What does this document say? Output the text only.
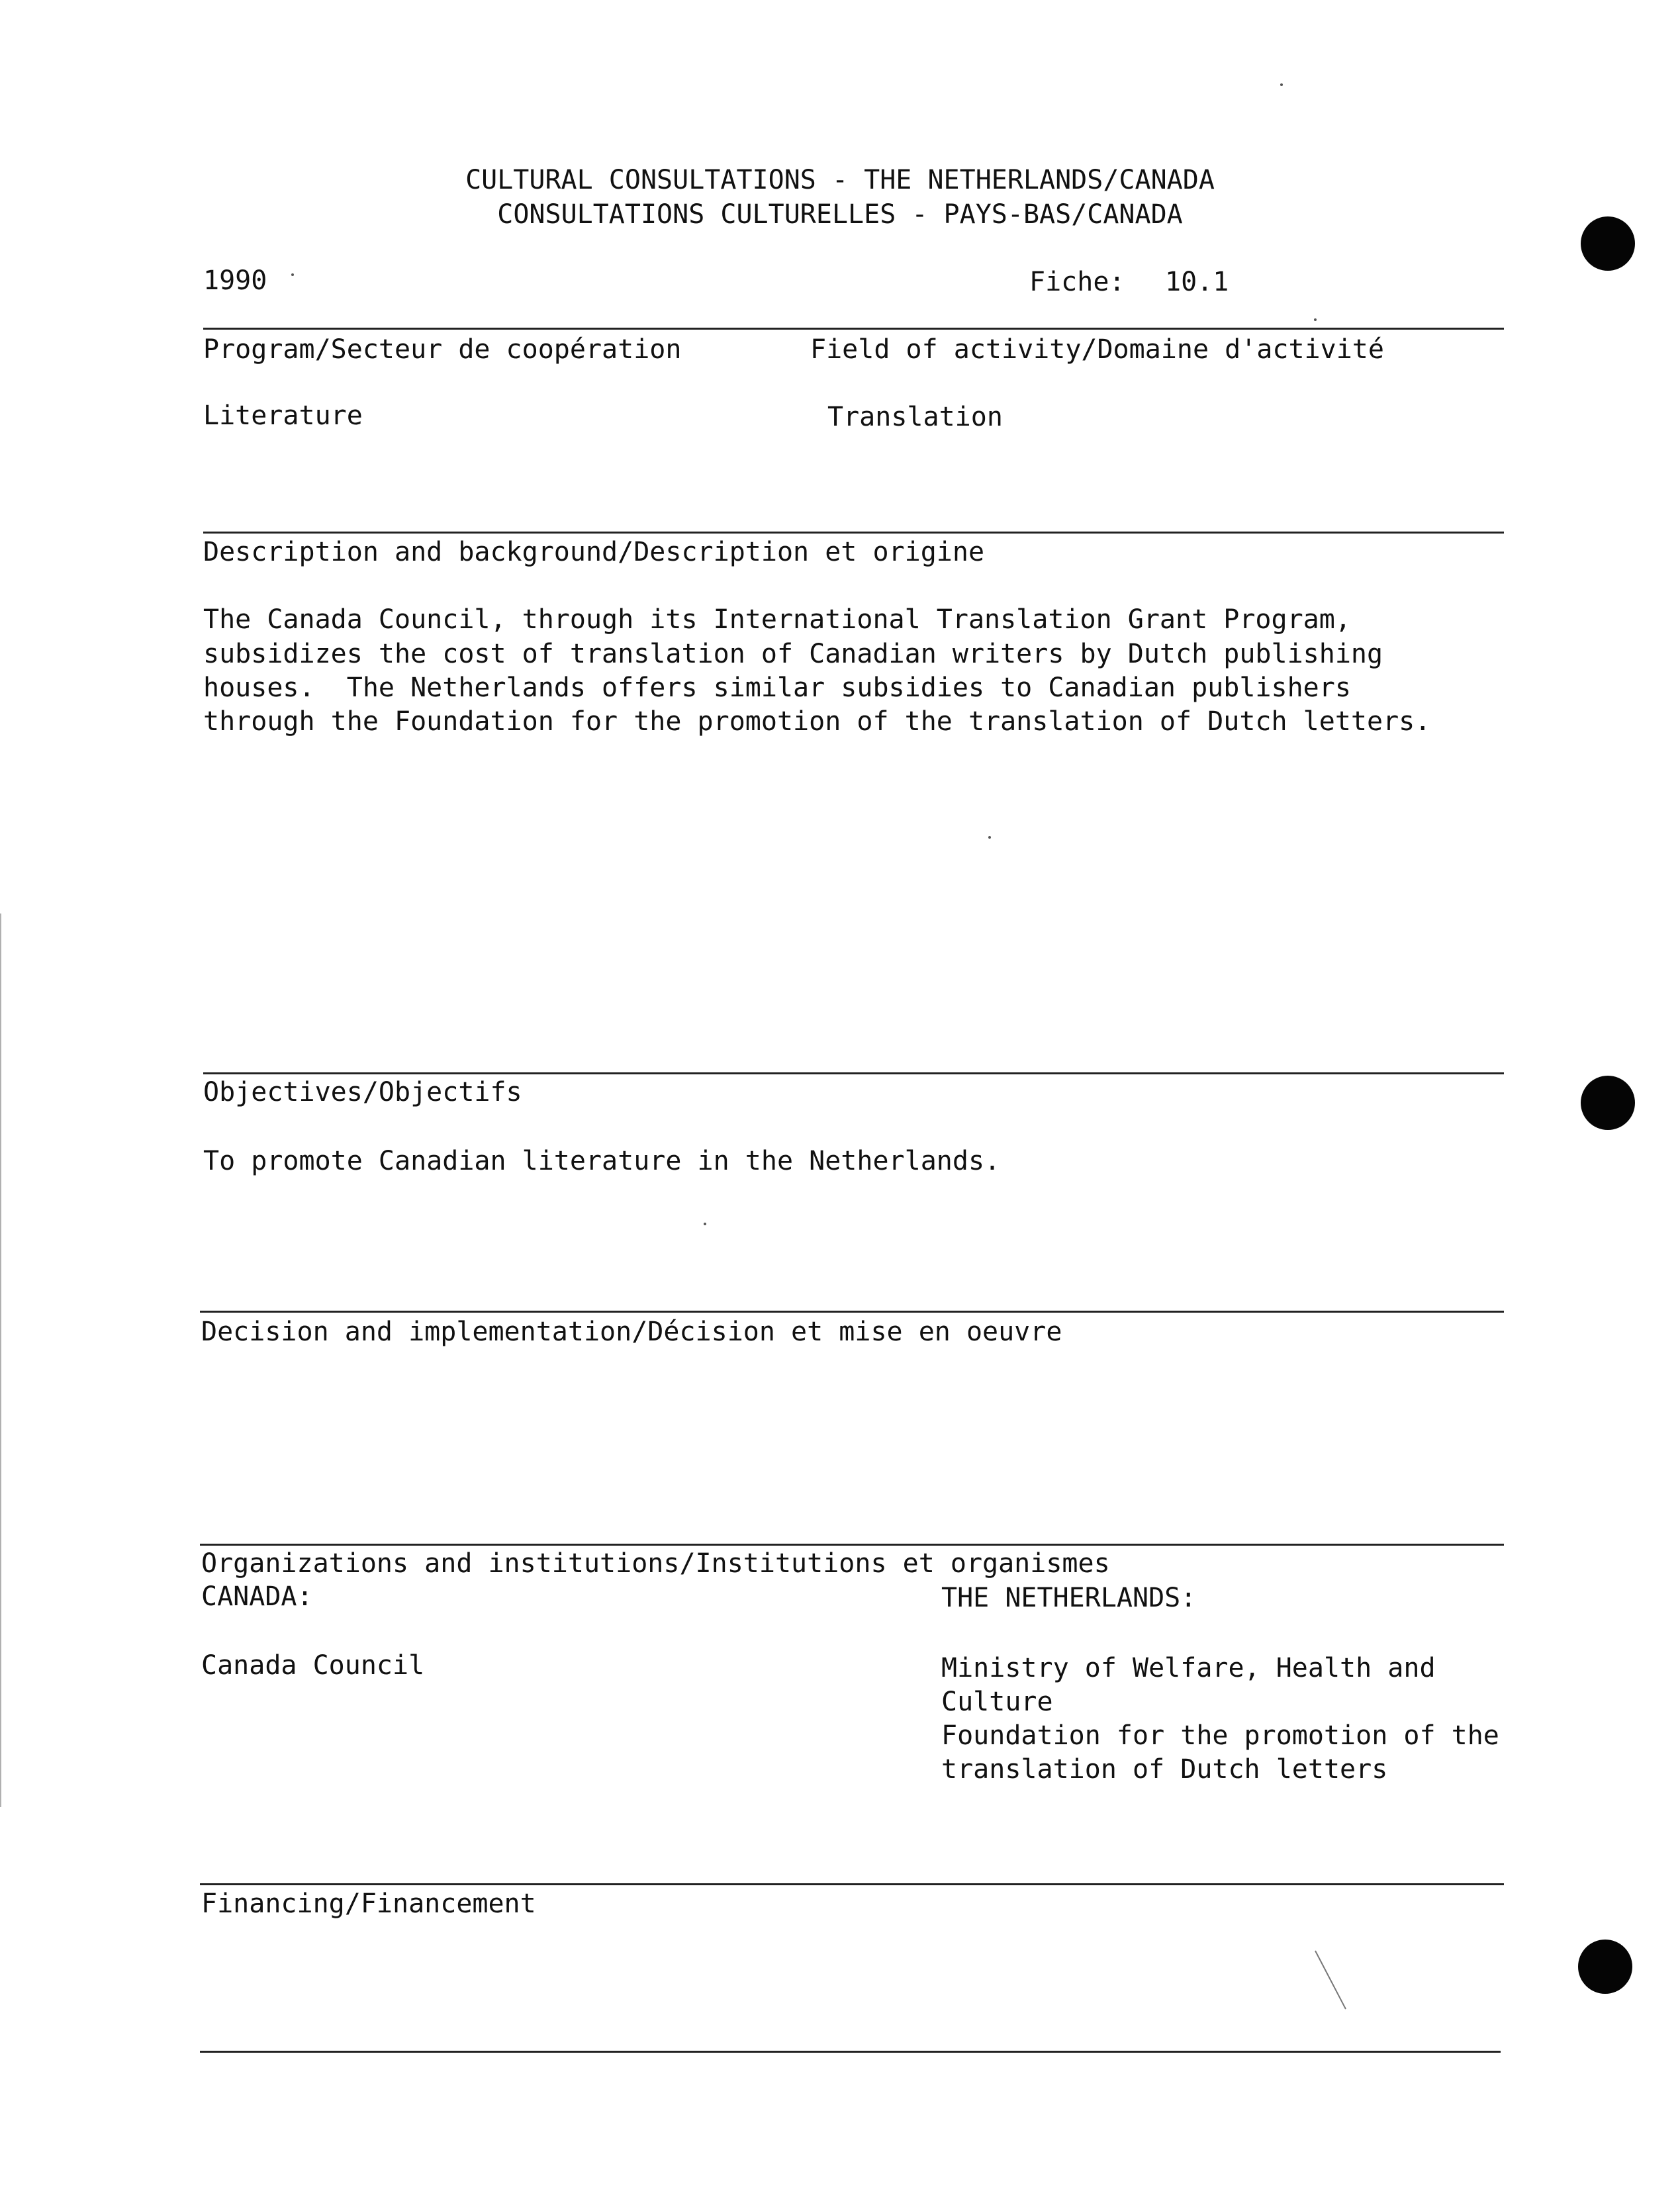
CULTURAL CONSULTATIONS - THE NETHERLANDS/CANADA
CONSULTATIONS CULTURELLES - PAYS-BAS/CANADA
1990	Fiche: 10.1
Program/Secteur de coopération	Field of activity/Domaine d'activité
Literature	Translation
Description and background/Description et origine
The Canada Council, through its International Translation Grant Program,
subsidizes the cost of translation of Canadian writers by Dutch publishing
houses.  The Netherlands offers similar subsidies to Canadian publishers
through the Foundation for the promotion of the translation of Dutch letters.
Objectives/Objectifs
To promote Canadian literature in the Netherlands.
Decision and implementation/Décision et mise en oeuvre
Organizations and institutions/Institutions et organismes
CANADA:	THE NETHERLANDS:
Canada Council	Ministry of Welfare, Health and
Culture
Foundation for the promotion of the
translation of Dutch letters
Financing/Financement
